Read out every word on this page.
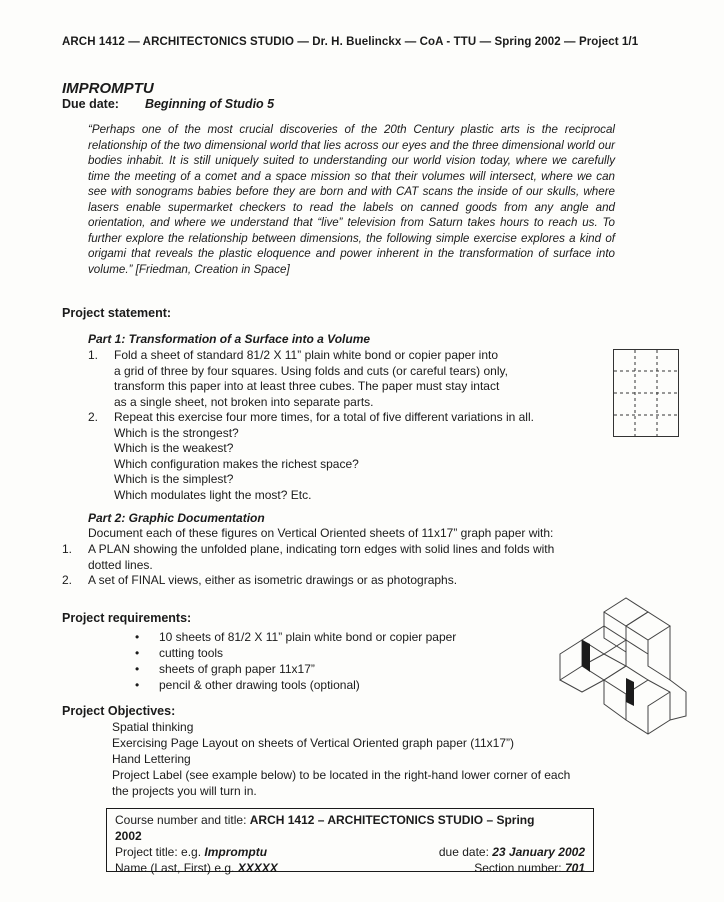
ARCH 1412 — ARCHITECTONICS STUDIO — Dr. H. Buelinckx — CoA - TTU — Spring 2002 — Project 1/1
IMPROMPTU
Due date: Beginning of Studio 5
“Perhaps one of the most crucial discoveries of the 20th Century plastic arts is the reciprocal relationship of the two dimensional world that lies across our eyes and the three dimensional world our bodies inhabit. It is still uniquely suited to understanding our world vision today, where we carefully time the meeting of a comet and a space mission so that their volumes will intersect, where we can see with sonograms babies before they are born and with CAT scans the inside of our skulls, where lasers enable supermarket checkers to read the labels on canned goods from any angle and orientation, and where we understand that “live” television from Saturn takes hours to reach us. To further explore the relationship between dimensions, the following simple exercise explores a kind of origami that reveals the plastic eloquence and power inherent in the transformation of surface into volume.” [Friedman, Creation in Space]
Project statement:
Part 1: Transformation of a Surface into a Volume
1. Fold a sheet of standard 81/2 X 11” plain white bond or copier paper into
a grid of three by four squares. Using folds and cuts (or careful tears) only,
transform this paper into at least three cubes. The paper must stay intact
as a single sheet, not broken into separate parts.
2. Repeat this exercise four more times, for a total of five different variations in all.
Which is the strongest?
Which is the weakest?
Which configuration makes the richest space?
Which is the simplest?
Which modulates light the most? Etc.
Part 2: Graphic Documentation
Document each of these figures on Vertical Oriented sheets of 11x17” graph paper with:
1. A PLAN showing the unfolded plane, indicating torn edges with solid lines and folds with
dotted lines.
2. A set of FINAL views, either as isometric drawings or as photographs.
Project requirements:
• 10 sheets of 81/2 X 11” plain white bond or copier paper
• cutting tools
• sheets of graph paper 11x17”
• pencil & other drawing tools (optional)
Project Objectives:
Spatial thinking
Exercising Page Layout on sheets of Vertical Oriented graph paper (11x17”)
Hand Lettering
Project Label (see example below) to be located in the right-hand lower corner of each
the projects you will turn in.
Course number and title: ARCH 1412 – ARCHITECTONICS STUDIO – Spring
2002
Project title: e.g. Impromptu	due date: 23 January 2002
Name (Last, First) e.g. XXXXX	Section number: 701
